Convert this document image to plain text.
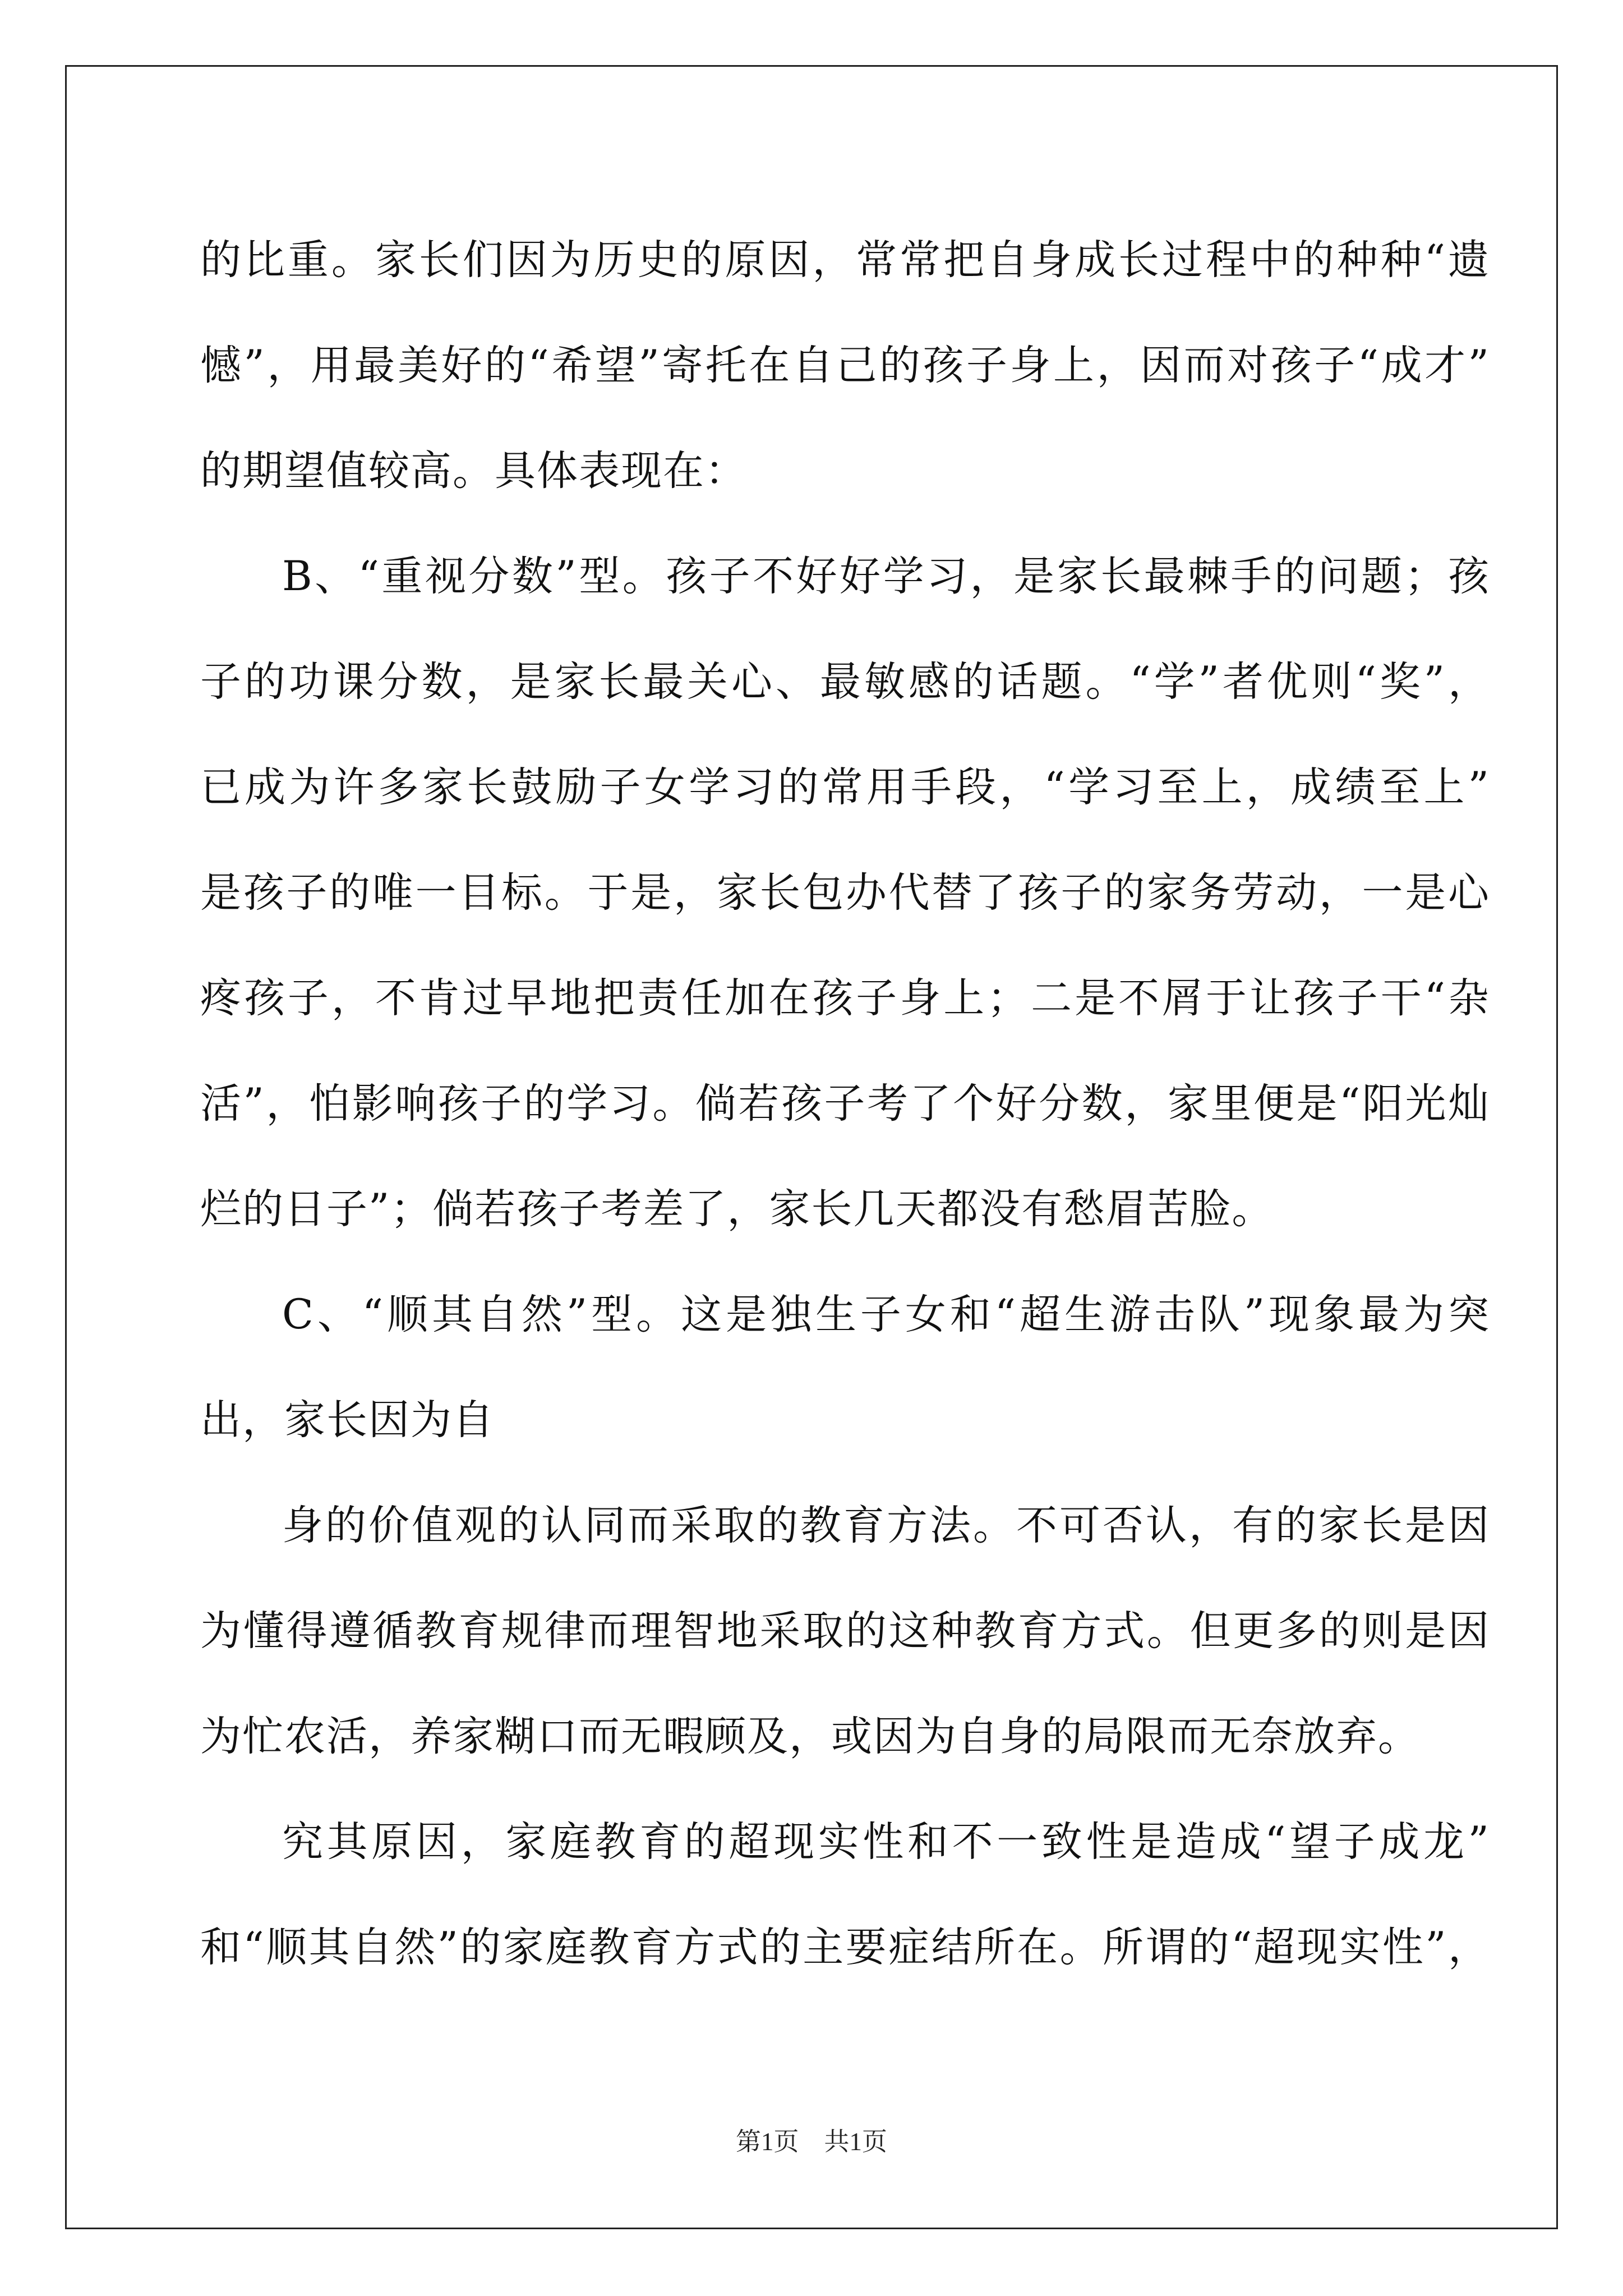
的比重。家长们因为历史的原因，常常把自身成长过程中的种种“遗
憾”，用最美好的“希望”寄托在自己的孩子身上，因而对孩子“成才”
的期望值较高。具体表现在：
B、“重视分数”型。孩子不好好学习，是家长最棘手的问题；孩
子的功课分数，是家长最关心、最敏感的话题。“学”者优则“奖”，
已成为许多家长鼓励子女学习的常用手段，“学习至上，成绩至上”
是孩子的唯一目标。于是，家长包办代替了孩子的家务劳动，一是心
疼孩子，不肯过早地把责任加在孩子身上；二是不屑于让孩子干“杂
活”，怕影响孩子的学习。倘若孩子考了个好分数，家里便是“阳光灿
烂的日子”；倘若孩子考差了，家长几天都没有愁眉苦脸。
C、“顺其自然”型。这是独生子女和“超生游击队”现象最为突
出，家长因为自
身的价值观的认同而采取的教育方法。不可否认，有的家长是因
为懂得遵循教育规律而理智地采取的这种教育方式。但更多的则是因
为忙农活，养家糊口而无暇顾及，或因为自身的局限而无奈放弃。
究其原因，家庭教育的超现实性和不一致性是造成“望子成龙”
和“顺其自然”的家庭教育方式的主要症结所在。所谓的“超现实性”，
第1页　共1页
